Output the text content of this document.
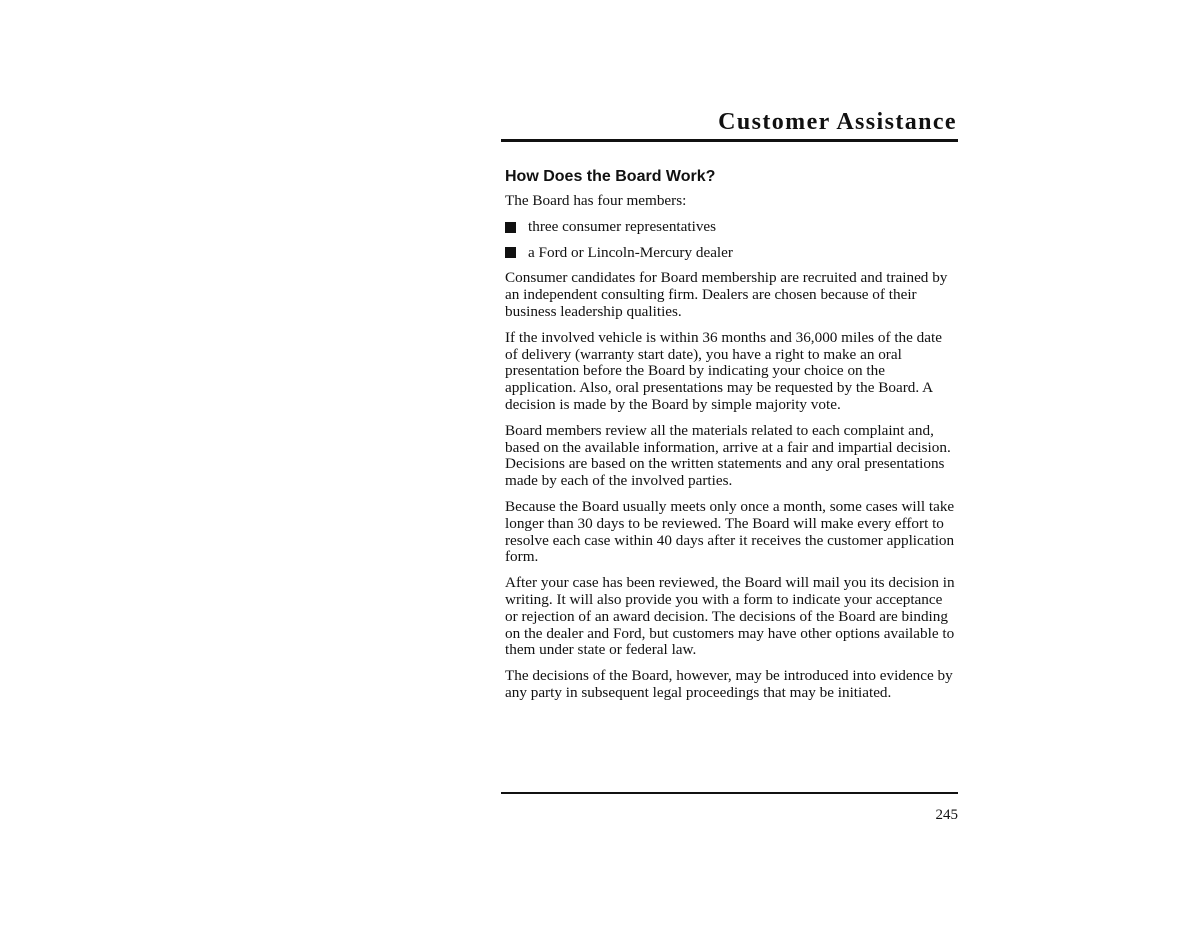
Customer Assistance
How Does the Board Work?

The Board has four members:

three consumer representatives
a Ford or Lincoln-Mercury dealer

Consumer candidates for Board membership are recruited and trained by an independent consulting firm. Dealers are chosen because of their business leadership qualities.

If the involved vehicle is within 36 months and 36,000 miles of the date of delivery (warranty start date), you have a right to make an oral presentation before the Board by indicating your choice on the application. Also, oral presentations may be requested by the Board. A decision is made by the Board by simple majority vote.

Board members review all the materials related to each complaint and, based on the available information, arrive at a fair and impartial decision. Decisions are based on the written statements and any oral presentations made by each of the involved parties.

Because the Board usually meets only once a month, some cases will take longer than 30 days to be reviewed. The Board will make every effort to resolve each case within 40 days after it receives the customer application form.

After your case has been reviewed, the Board will mail you its decision in writing. It will also provide you with a form to indicate your acceptance or rejection of an award decision. The decisions of the Board are binding on the dealer and Ford, but customers may have other options available to them under state or federal law.

The decisions of the Board, however, may be introduced into evidence by any party in subsequent legal proceedings that may be initiated.

245
